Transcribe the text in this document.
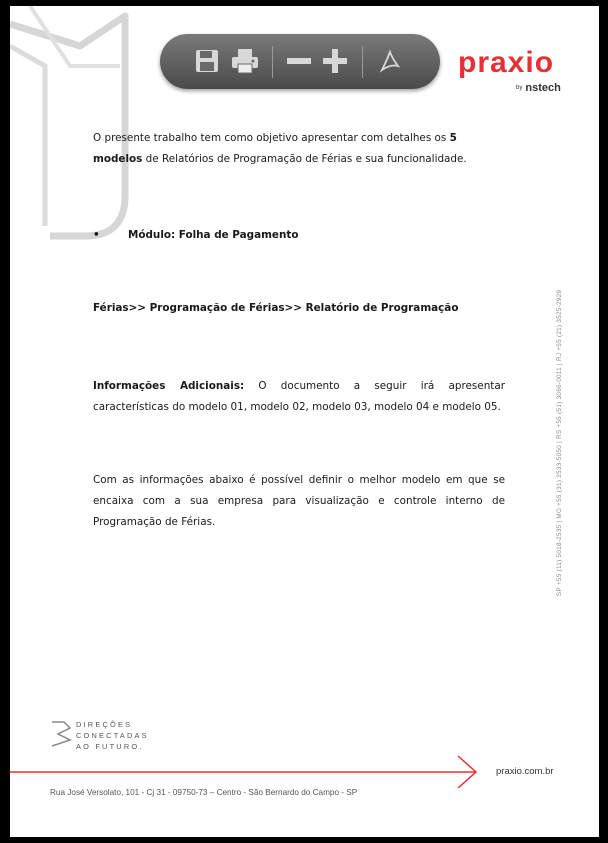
praxio
by nstech
O presente trabalho tem como objetivo apresentar com detalhes os 5 modelos de Relatórios de Programação de Férias e sua funcionalidade.
•	Módulo: Folha de Pagamento
Férias>> Programação de Férias>> Relatório de Programação
Informações Adicionais: O documento a seguir irá apresentar características do modelo 01, modelo 02, modelo 03, modelo 04 e modelo 05.
Com as informações abaixo é possível definir o melhor modelo em que se encaixa com a sua empresa para visualização e controle interno de Programação de Férias.	SP +55 (11) 5018-2535 | MG +55 (31) 2533-5050 | RS +55 (51) 3066-0011 | RJ +55 (21) 3525-2929
DIREÇÕES
CONECTADAS
AO FUTURO.
praxio.com.br
Rua José Versolato, 101 - Cj 31 - 09750-73 – Centro - São Bernardo do Campo - SP
